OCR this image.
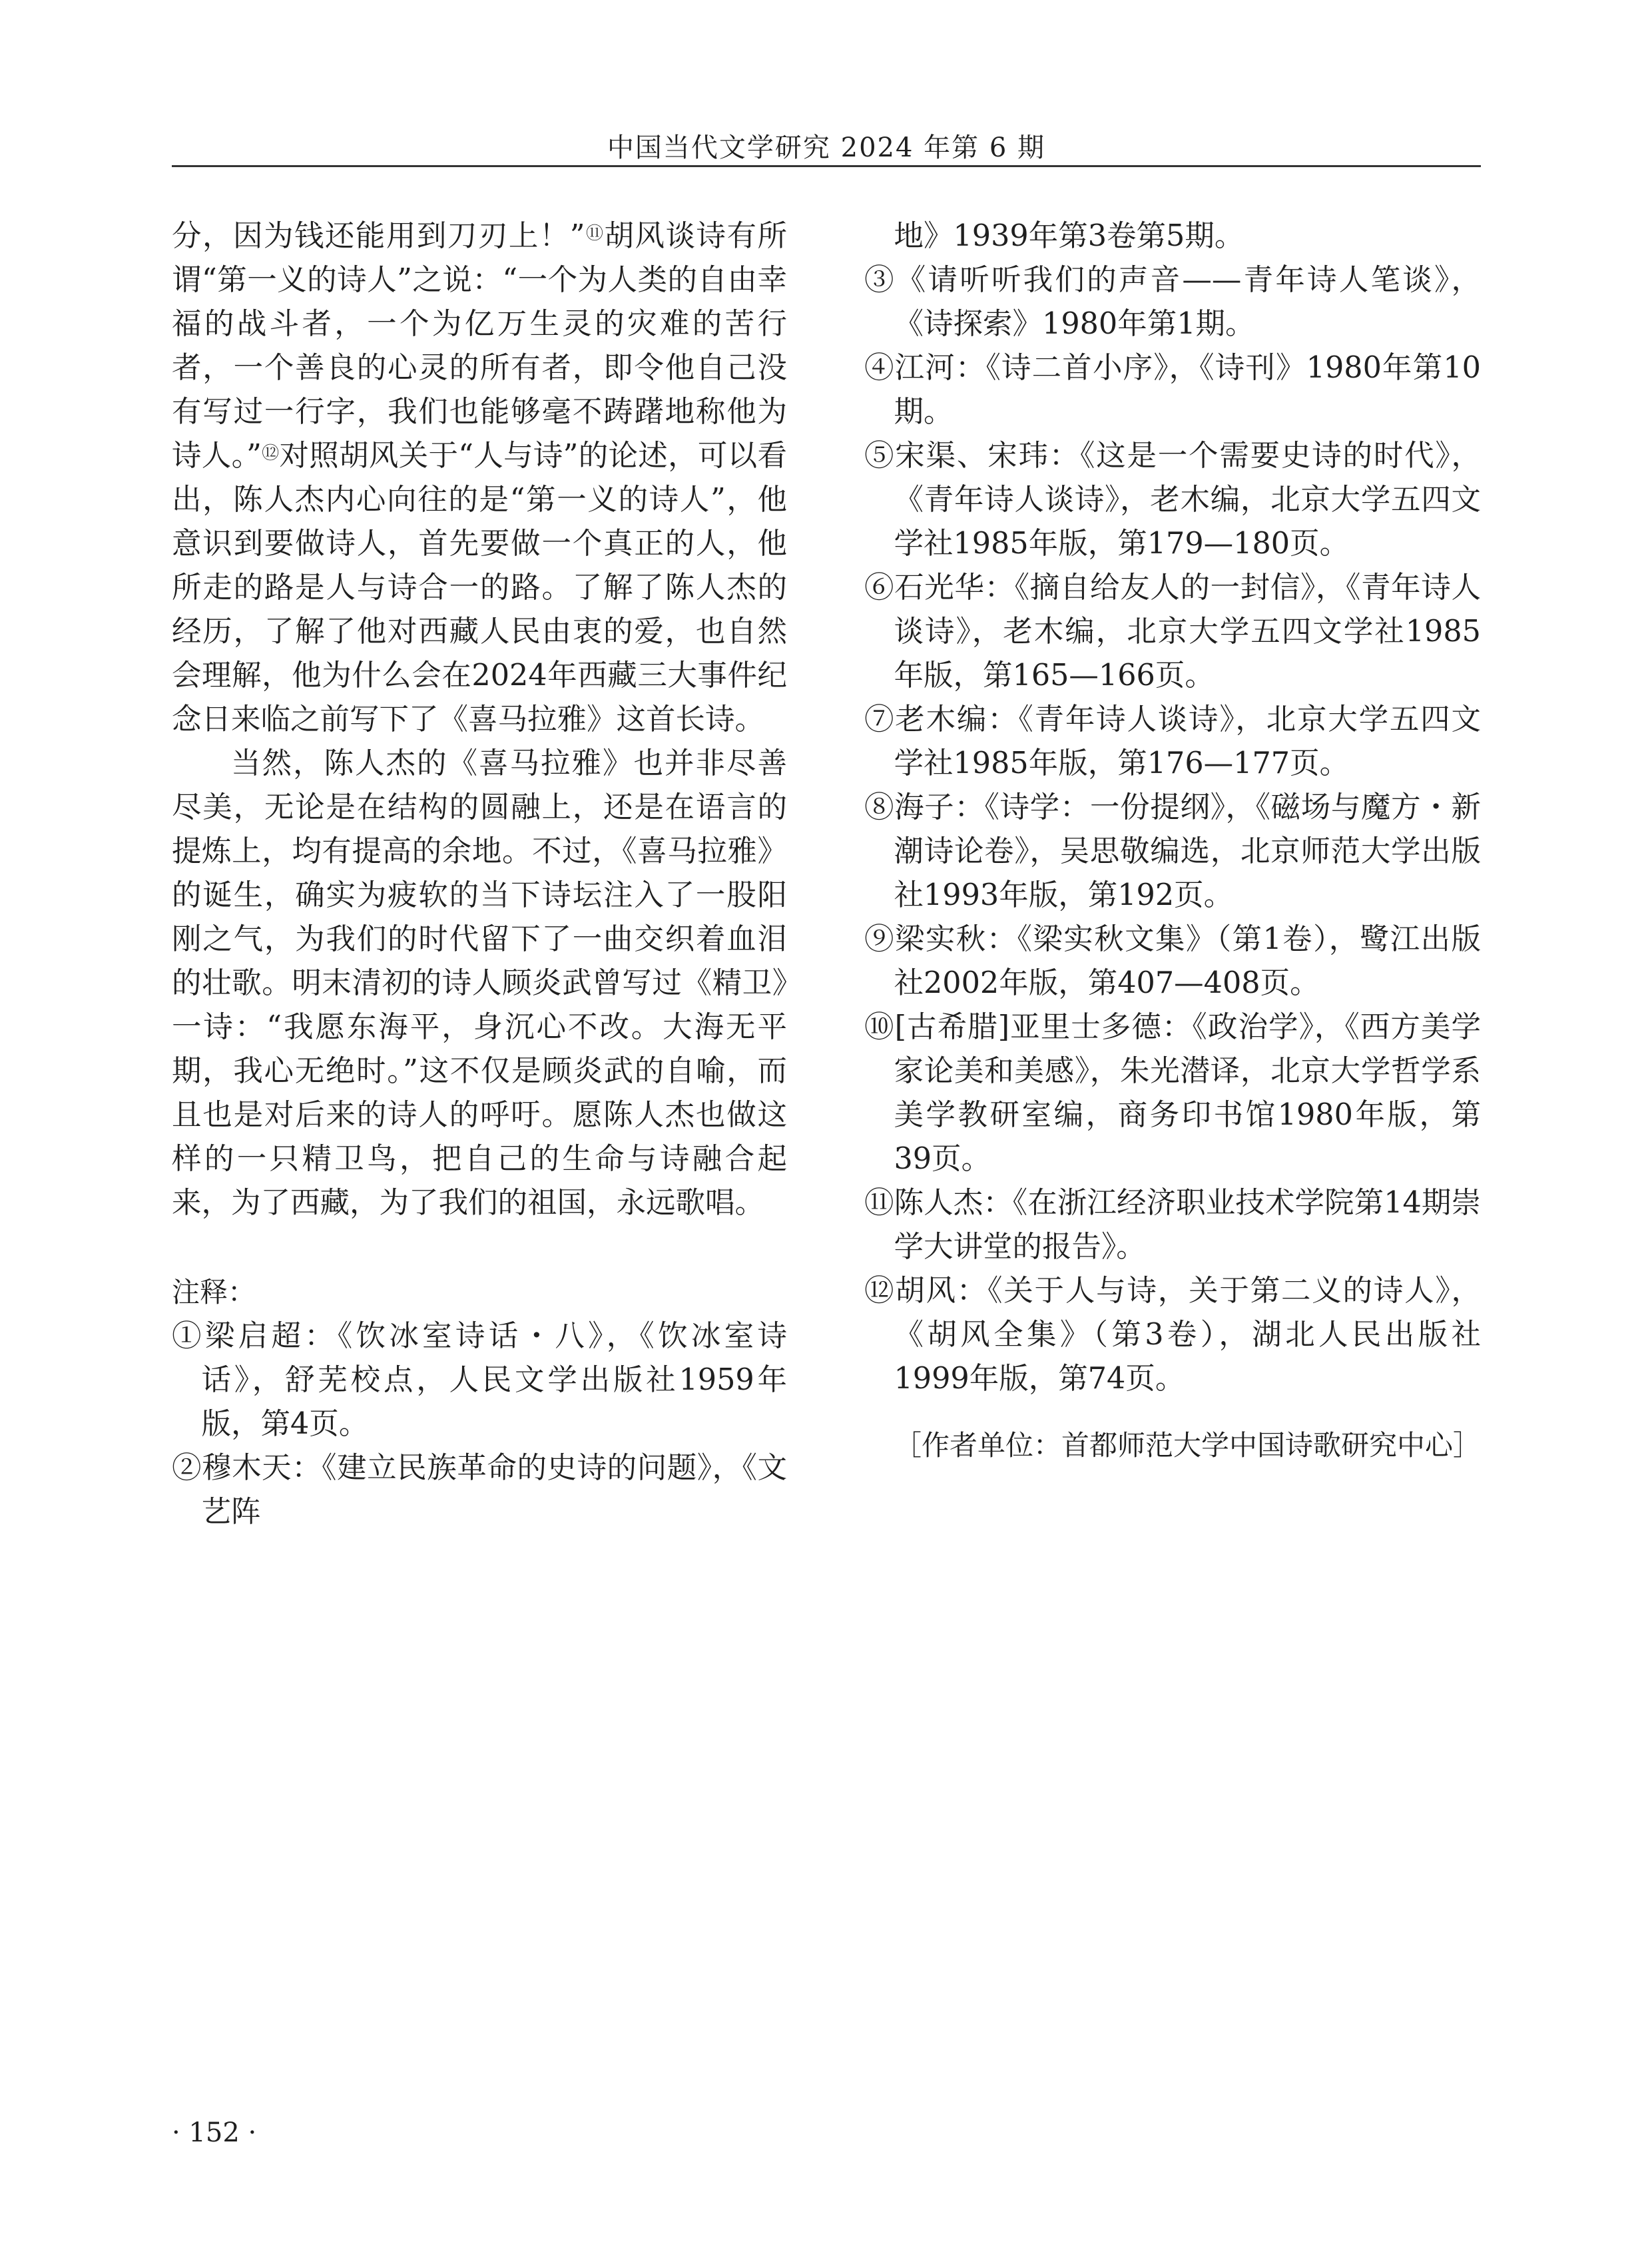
中国当代文学研究 2024 年第 6 期

分，因为钱还能用到刀刃上！”⑪胡风谈诗有所谓“第一义的诗人”之说：“一个为人类的自由幸福的战斗者，一个为亿万生灵的灾难的苦行者，一个善良的心灵的所有者，即令他自己没有写过一行字，我们也能够毫不踌躇地称他为诗人。”⑫对照胡风关于“人与诗”的论述，可以看出，陈人杰内心向往的是“第一义的诗人”，他意识到要做诗人，首先要做一个真正的人，他所走的路是人与诗合一的路。了解了陈人杰的经历，了解了他对西藏人民由衷的爱，也自然会理解，他为什么会在2024年西藏三大事件纪念日来临之前写下了《喜马拉雅》这首长诗。

当然，陈人杰的《喜马拉雅》也并非尽善尽美，无论是在结构的圆融上，还是在语言的提炼上，均有提高的余地。不过，《喜马拉雅》的诞生，确实为疲软的当下诗坛注入了一股阳刚之气，为我们的时代留下了一曲交织着血泪的壮歌。明末清初的诗人顾炎武曾写过《精卫》一诗：“我愿东海平，身沉心不改。大海无平期，我心无绝时。”这不仅是顾炎武的自喻，而且也是对后来的诗人的呼吁。愿陈人杰也做这样的一只精卫鸟，把自己的生命与诗融合起来，为了西藏，为了我们的祖国，永远歌唱。

注释：

①梁启超：《饮冰室诗话・八》，《饮冰室诗话》，舒芜校点，人民文学出版社1959年版，第4页。

②穆木天：《建立民族革命的史诗的问题》，《文艺阵

地》1939年第3卷第5期。

③《请听听我们的声音——青年诗人笔谈》，《诗探索》1980年第1期。

④江河：《诗二首小序》，《诗刊》1980年第10期。

⑤宋渠、宋玮：《这是一个需要史诗的时代》，《青年诗人谈诗》，老木编，北京大学五四文学社1985年版，第179—180页。

⑥石光华：《摘自给友人的一封信》，《青年诗人谈诗》，老木编，北京大学五四文学社1985年版，第165—166页。

⑦老木编：《青年诗人谈诗》，北京大学五四文学社1985年版，第176—177页。

⑧海子：《诗学：一份提纲》，《磁场与魔方・新潮诗论卷》，吴思敬编选，北京师范大学出版社1993年版，第192页。

⑨梁实秋：《梁实秋文集》（第1卷），鹭江出版社2002年版，第407—408页。

⑩[古希腊]亚里士多德：《政治学》，《西方美学家论美和美感》，朱光潜译，北京大学哲学系美学教研室编，商务印书馆1980年版，第39页。

⑪陈人杰：《在浙江经济职业技术学院第14期崇学大讲堂的报告》。

⑫胡风：《关于人与诗，关于第二义的诗人》，《胡风全集》（第3卷），湖北人民出版社1999年版，第74页。

［作者单位：首都师范大学中国诗歌研究中心］
· 152 ·
